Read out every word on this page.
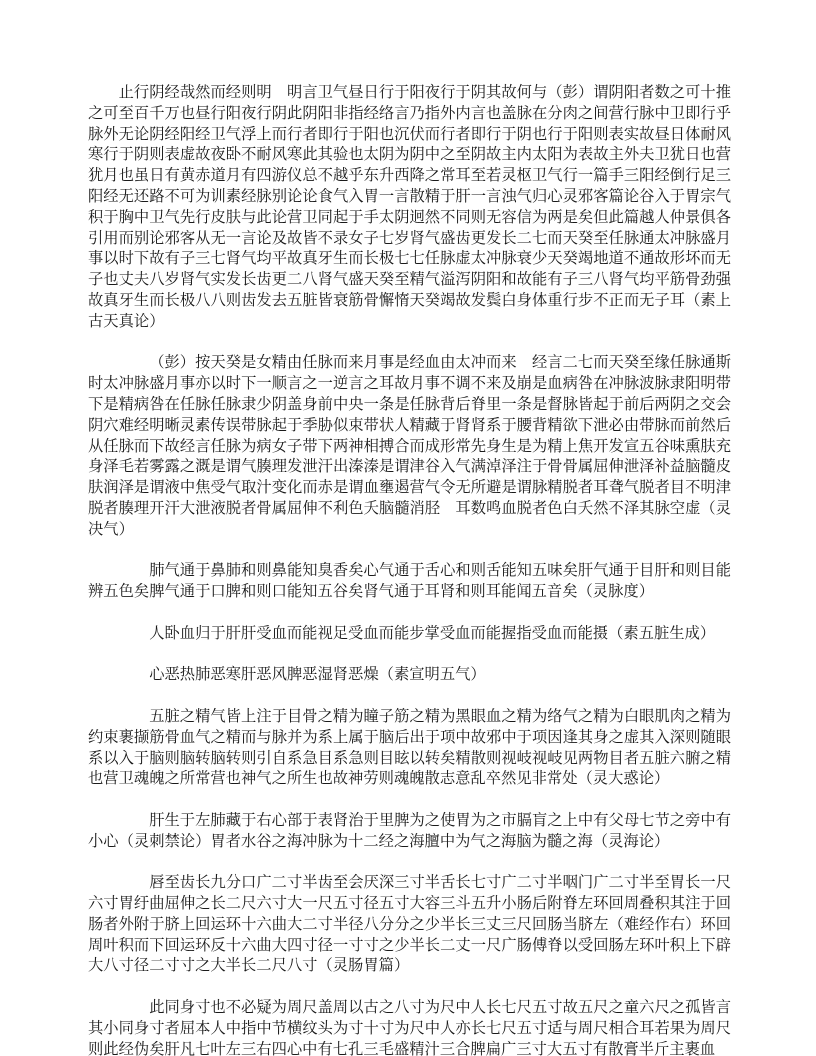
止行阴经哉然而经则明　明言卫气昼日行于阳夜行于阴其故何与（彭）谓阴阳者数之可十推之可至百千万也昼行阳夜行阴此阴阳非指经络言乃指外内言也盖脉在分肉之间营行脉中卫即行乎脉外无论阴经阳经卫气浮上而行者即行于阳也沉伏而行者即行于阴也行于阳则表实故昼日体耐风寒行于阴则表虚故夜卧不耐风寒此其验也太阴为阴中之至阴故主内太阳为表故主外夫卫犹日也营犹月也虽日有黄赤道月有四游仪总不越乎东升西降之常耳至若灵枢卫气行一篇手三阳经倒行足三阳经无还路不可为训素经脉别论论食气入胃一言散精于肝一言浊气归心灵邪客篇论谷入于胃宗气积于胸中卫气先行皮肤与此论营卫同起于手太阴迥然不同则无容信为两是矣但此篇越人仲景俱各引用而别论邪客从无一言论及故皆不录女子七岁肾气盛齿更发长二七而天癸至任脉通太冲脉盛月事以时下故有子三七肾气均平故真牙生而长极七七任脉虚太冲脉衰少天癸竭地道不通故形坏而无子也丈夫八岁肾气实发长齿更二八肾气盛天癸至精气溢泻阴阳和故能有子三八肾气均平筋骨劲强故真牙生而长极八八则齿发去五脏皆衰筋骨懈惰天癸竭故发鬓白身体重行步不正而无子耳（素上古天真论）

（彭）按天癸是女精由任脉而来月事是经血由太冲而来　经言二七而天癸至缘任脉通斯时太冲脉盛月事亦以时下一顺言之一逆言之耳故月事不调不来及崩是血病咎在冲脉波脉隶阳明带下是精病咎在任脉任脉隶少阴盖身前中央一条是任脉背后脊里一条是督脉皆起于前后两阴之交会阴穴难经明晰灵素传误带脉起于季胁似束带状人精藏于肾肾系于腰背精欲下泄必由带脉而前然后从任脉而下故经言任脉为病女子带下两神相搏合而成形常先身生是为精上焦开发宣五谷味熏肤充身泽毛若雾露之溉是谓气腠理发泄汗出溱溱是谓津谷入气满淖泽注于骨骨属屈伸泄泽补益脑髓皮肤润泽是谓液中焦受气取汁变化而赤是谓血壅遏营气令无所避是谓脉精脱者耳聋气脱者目不明津脱者腠理开汗大泄液脱者骨属屈伸不利色夭脑髓消胫　耳数鸣血脱者色白夭然不泽其脉空虚（灵决气）

肺气通于鼻肺和则鼻能知臭香矣心气通于舌心和则舌能知五味矣肝气通于目肝和则目能辨五色矣脾气通于口脾和则口能知五谷矣肾气通于耳肾和则耳能闻五音矣（灵脉度）

人卧血归于肝肝受血而能视足受血而能步掌受血而能握指受血而能摄（素五脏生成）

心恶热肺恶寒肝恶风脾恶湿肾恶燥（素宣明五气）

五脏之精气皆上注于目骨之精为瞳子筋之精为黑眼血之精为络气之精为白眼肌肉之精为约束裹撷筋骨血气之精而与脉并为系上属于脑后出于项中故邪中于项因逢其身之虚其入深则随眼系以入于脑则脑转脑转则引自系急目系急则目眩以转矣精散则视岐视岐见两物目者五脏六腑之精也营卫魂魄之所常营也神气之所生也故神劳则魂魄散志意乱卒然见非常处（灵大惑论）

肝生于左肺藏于右心部于表肾治于里脾为之使胃为之市膈肓之上中有父母七节之旁中有小心（灵刺禁论）胃者水谷之海冲脉为十二经之海膻中为气之海脑为髓之海（灵海论）

唇至齿长九分口广二寸半齿至会厌深三寸半舌长七寸广二寸半咽门广二寸半至胃长一尺六寸胃纡曲屈伸之长二尺六寸大一尺五寸径五寸大容三斗五升小肠后附脊左环回周叠积其注于回肠者外附于脐上回运环十六曲大二寸半径八分分之少半长三丈三尺回肠当脐左（难经作右）环回周叶积而下回运环反十六曲大四寸径一寸寸之少半长二丈一尺广肠傅脊以受回肠左环叶积上下辟大八寸径二寸寸之大半长二尺八寸（灵肠胃篇）

此同身寸也不必疑为周尺盖周以古之八寸为尺中人长七尺五寸故五尺之童六尺之孤皆言其小同身寸者屈本人中指中节横纹头为寸十寸为尺中人亦长七尺五寸适与周尺相合耳若果为周尺则此经伪矣肝凡七叶左三右四心中有七孔三毛盛精汁三合脾扁广三寸大五寸有散膏半斤主裹血
